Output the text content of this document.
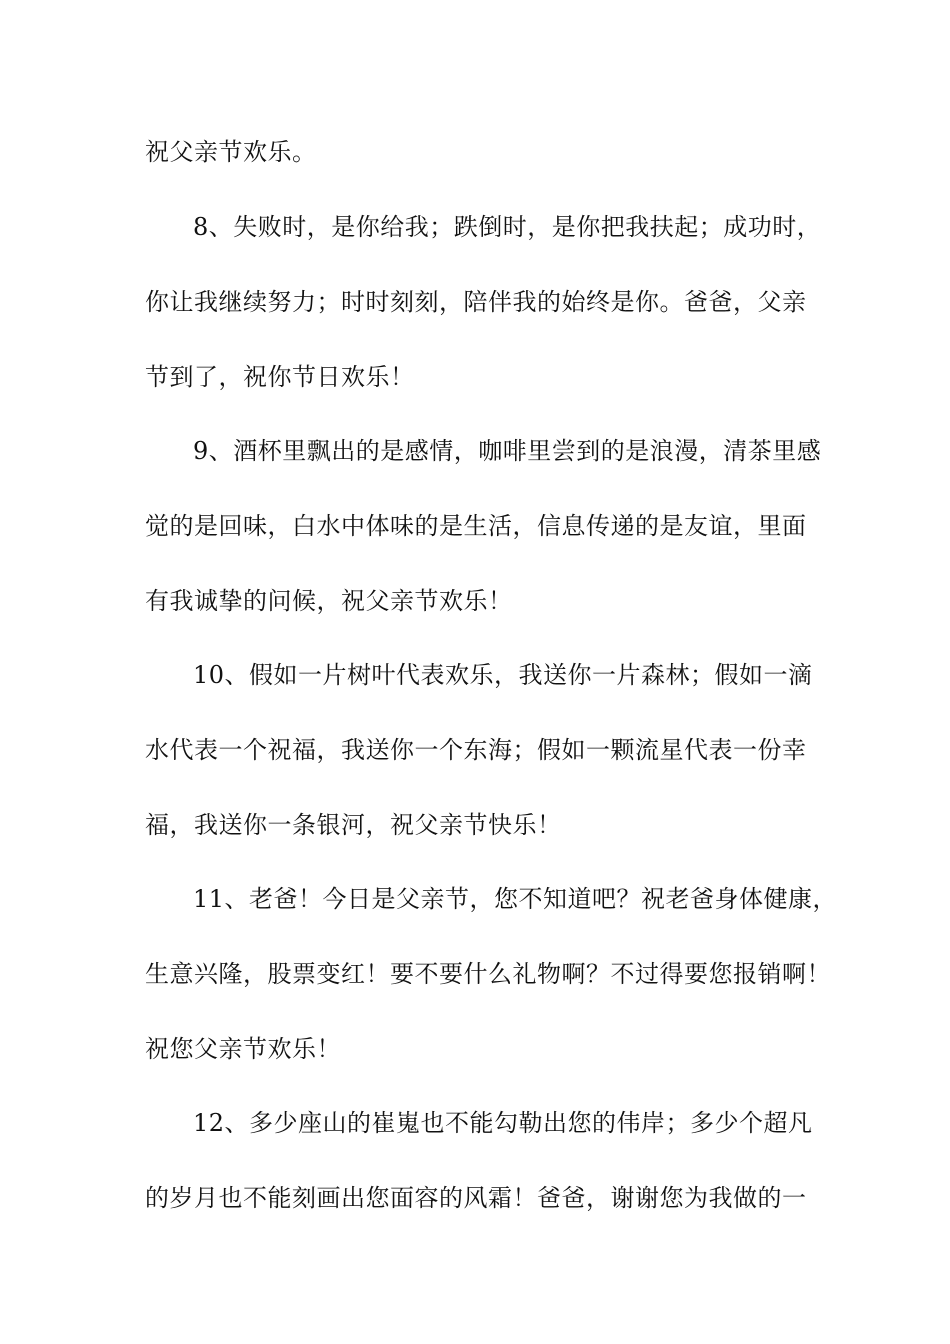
祝父亲节欢乐。
8、失败时，是你给我；跌倒时，是你把我扶起；成功时，
你让我继续努力；时时刻刻，陪伴我的始终是你。爸爸，父亲
节到了，祝你节日欢乐！
9、酒杯里飘出的是感情，咖啡里尝到的是浪漫，清茶里感
觉的是回味，白水中体味的是生活，信息传递的是友谊，里面
有我诚挚的问候，祝父亲节欢乐！
10、假如一片树叶代表欢乐，我送你一片森林；假如一滴
水代表一个祝福，我送你一个东海；假如一颗流星代表一份幸
福，我送你一条银河，祝父亲节快乐！
11、老爸！今日是父亲节，您不知道吧？祝老爸身体健康，
生意兴隆，股票变红！要不要什么礼物啊？不过得要您报销啊！
祝您父亲节欢乐！
12、多少座山的崔嵬也不能勾勒出您的伟岸；多少个超凡
的岁月也不能刻画出您面容的风霜！爸爸，谢谢您为我做的一
